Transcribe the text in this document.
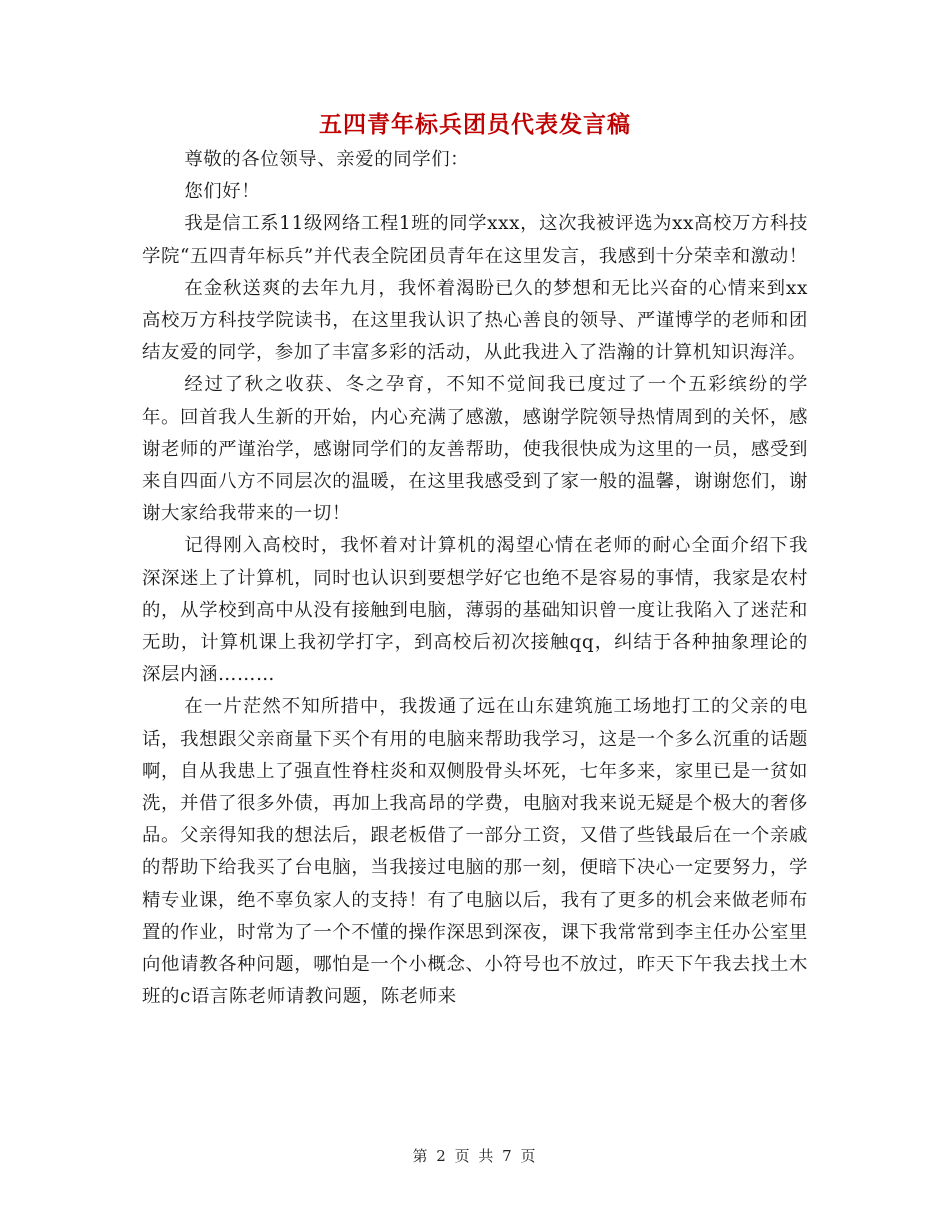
五四青年标兵团员代表发言稿

尊敬的各位领导、亲爱的同学们：

您们好！

我是信工系11级网络工程1班的同学xxx，这次我被评选为xx高校万方科技学院“五四青年标兵”并代表全院团员青年在这里发言，我感到十分荣幸和激动！

在金秋送爽的去年九月，我怀着渴盼已久的梦想和无比兴奋的心情来到xx高校万方科技学院读书，在这里我认识了热心善良的领导、严谨博学的老师和团结友爱的同学，参加了丰富多彩的活动，从此我进入了浩瀚的计算机知识海洋。

经过了秋之收获、冬之孕育，不知不觉间我已度过了一个五彩缤纷的学年。回首我人生新的开始，内心充满了感激，感谢学院领导热情周到的关怀，感谢老师的严谨治学，感谢同学们的友善帮助，使我很快成为这里的一员，感受到来自四面八方不同层次的温暖，在这里我感受到了家一般的温馨，谢谢您们，谢谢大家给我带来的一切！

记得刚入高校时，我怀着对计算机的渴望心情在老师的耐心全面介绍下我深深迷上了计算机，同时也认识到要想学好它也绝不是容易的事情，我家是农村的，从学校到高中从没有接触到电脑，薄弱的基础知识曾一度让我陷入了迷茫和无助，计算机课上我初学打字，到高校后初次接触qq，纠结于各种抽象理论的深层内涵………

在一片茫然不知所措中，我拨通了远在山东建筑施工场地打工的父亲的电话，我想跟父亲商量下买个有用的电脑来帮助我学习，这是一个多么沉重的话题啊，自从我患上了强直性脊柱炎和双侧股骨头坏死，七年多来，家里已是一贫如洗，并借了很多外债，再加上我高昂的学费，电脑对我来说无疑是个极大的奢侈品。父亲得知我的想法后，跟老板借了一部分工资，又借了些钱最后在一个亲戚的帮助下给我买了台电脑，当我接过电脑的那一刻，便暗下决心一定要努力，学精专业课，绝不辜负家人的支持！有了电脑以后，我有了更多的机会来做老师布置的作业，时常为了一个不懂的操作深思到深夜，课下我常常到李主任办公室里向他请教各种问题，哪怕是一个小概念、小符号也不放过，昨天下午我去找土木班的c语言陈老师请教问题，陈老师来

第 2 页 共 7 页
